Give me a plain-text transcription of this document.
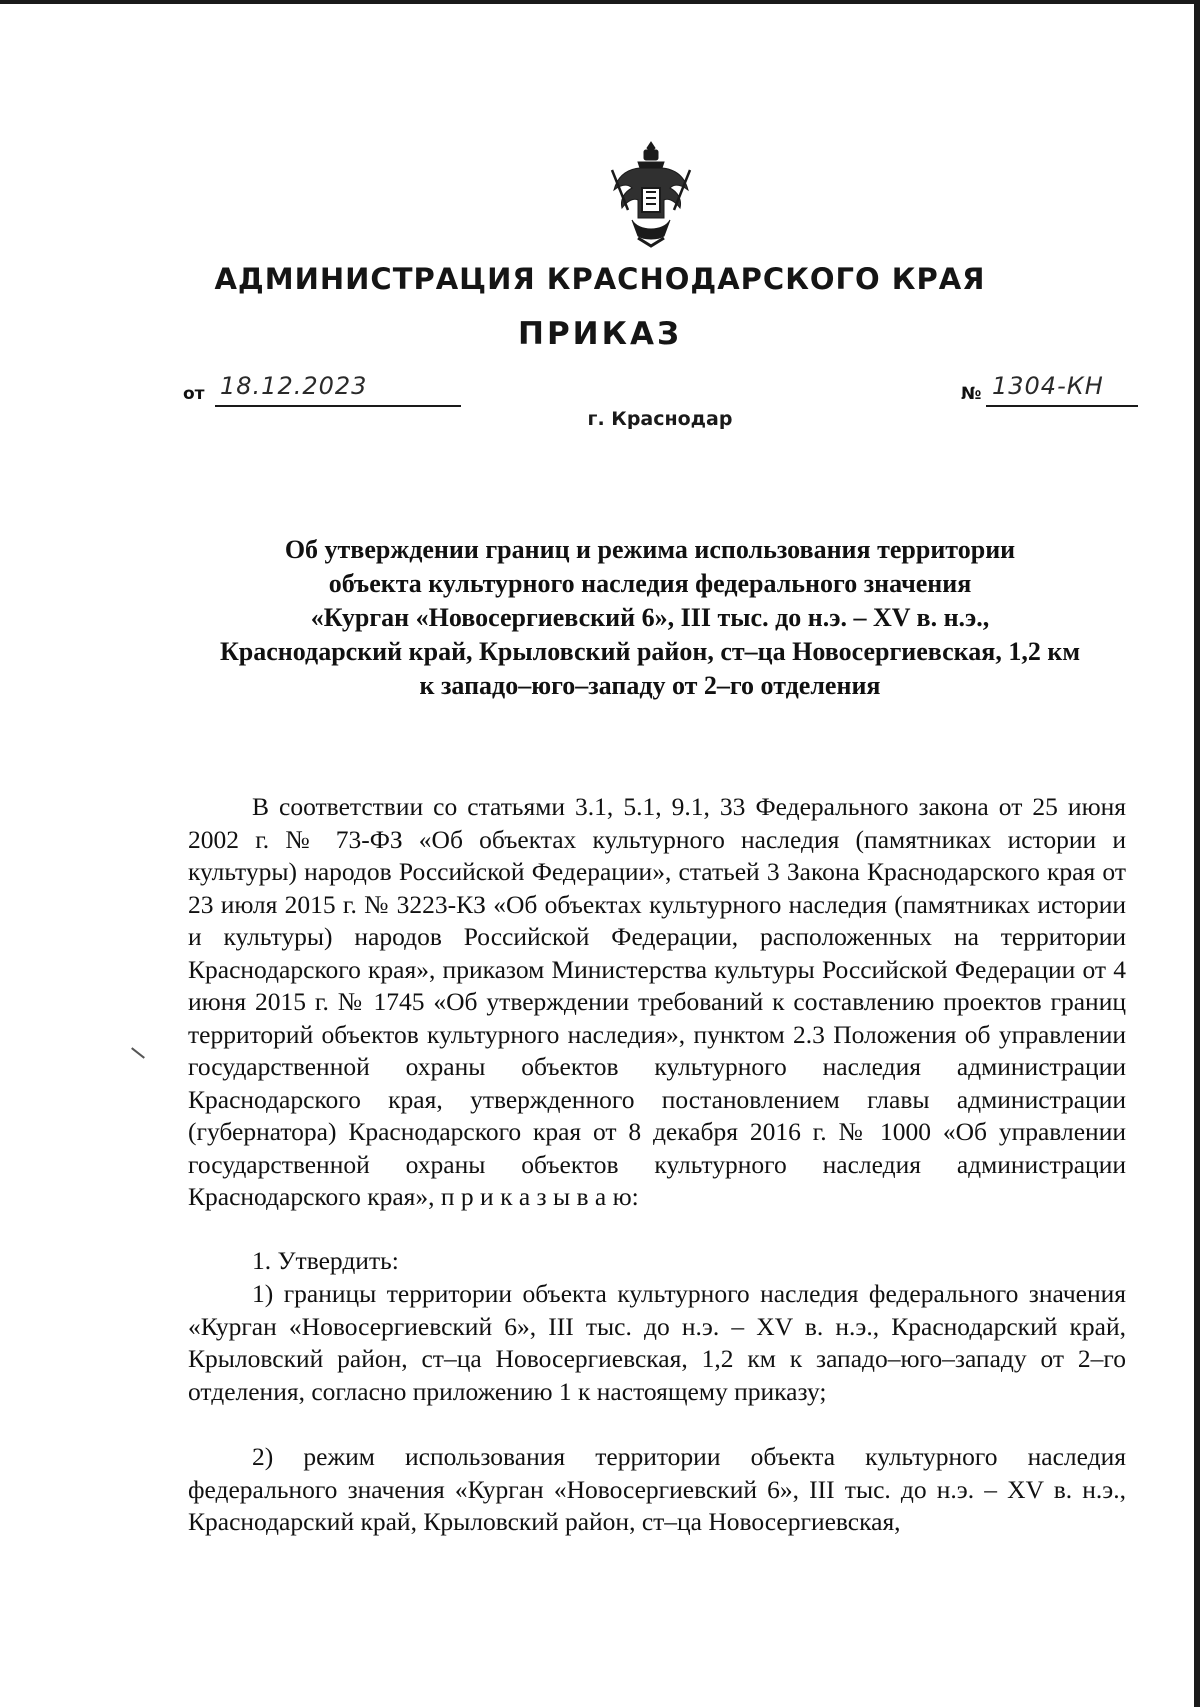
АДМИНИСТРАЦИЯ КРАСНОДАРСКОГО КРАЯ
ПРИКАЗ
от 18.12.2023	№ 1304-КН
г. Краснодар
Об утверждении границ и режима использования территории
объекта культурного наследия федерального значения
«Курган «Новосергиевский 6», III тыс. до н.э. – XV в. н.э.,
Краснодарский край, Крыловский район, ст–ца Новосергиевская, 1,2 км
к западо–юго–западу от 2–го отделения
В соответствии со статьями 3.1, 5.1, 9.1, 33 Федерального закона от 25 июня 2002 г. № 73-ФЗ «Об объектах культурного наследия (памятниках истории и культуры) народов Российской Федерации», статьей 3 Закона Краснодарского края от 23 июля 2015 г. № 3223-КЗ «Об объектах культурного наследия (памятниках истории и культуры) народов Российской Федерации, расположенных на территории Краснодарского края», приказом Министерства культуры Российской Федерации от 4 июня 2015 г. № 1745 «Об утверждении требований к составлению проектов границ территорий объектов культурного наследия», пунктом 2.3 Положения об управлении государственной охраны объектов культурного наследия администрации Краснодарского края, утвержденного постановлением главы администрации (губернатора) Краснодарского края от 8 декабря 2016 г. № 1000 «Об управлении государственной охраны объектов культурного наследия администрации Краснодарского края», п р и к а з ы в а ю:
1. Утвердить:
1) границы территории объекта культурного наследия федерального значения «Курган «Новосергиевский 6», III тыс. до н.э. – XV в. н.э., Краснодарский край, Крыловский район, ст–ца Новосергиевская, 1,2 км к западо–юго–западу от 2–го отделения, согласно приложению 1 к настоящему приказу;
2) режим использования территории объекта культурного наследия федерального значения «Курган «Новосергиевский 6», III тыс. до н.э. – XV в. н.э., Краснодарский край, Крыловский район, ст–ца Новосергиевская,
